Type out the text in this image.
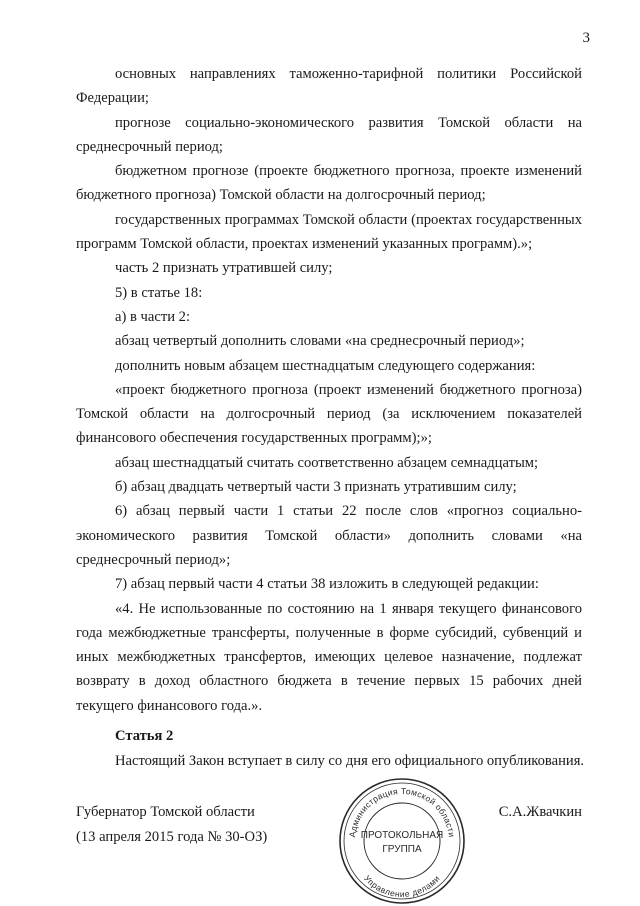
3

основных направлениях таможенно-тарифной политики Российской Федерации;

прогнозе социально-экономического развития Томской области на среднесрочный период;

бюджетном прогнозе (проекте бюджетного прогноза, проекте изменений бюджетного прогноза) Томской области на долгосрочный период;

государственных программах Томской области (проектах государственных программ Томской области, проектах изменений указанных программ).»;

часть 2 признать утратившей силу;

5) в статье 18:

а) в части 2:

абзац четвертый дополнить словами «на среднесрочный период»;

дополнить новым абзацем шестнадцатым следующего содержания:

«проект бюджетного прогноза (проект изменений бюджетного прогноза) Томской области на долгосрочный период (за исключением показателей финансового обеспечения государственных программ);»;

абзац шестнадцатый считать соответственно абзацем семнадцатым;

б) абзац двадцать четвертый части 3 признать утратившим силу;

6) абзац первый части 1 статьи 22 после слов «прогноз социально-экономического развития Томской области» дополнить словами «на среднесрочный период»;

7) абзац первый части 4 статьи 38 изложить в следующей редакции:

«4. Не использованные по состоянию на 1 января текущего финансового года межбюджетные трансферты, полученные в форме субсидий, субвенций и иных межбюджетных трансфертов, имеющих целевое назначение, подлежат возврату в доход областного бюджета в течение первых 15 рабочих дней текущего финансового года.».

Статья 2
Настоящий Закон вступает в силу со дня его официального опубликования.
Губернатор Томской области
(13 апреля 2015 года № 30-ОЗ)
С.А.Жвачкин
Администрация Томской области
Управление делами
ПРОТОКОЛЬНАЯ
ГРУППА
